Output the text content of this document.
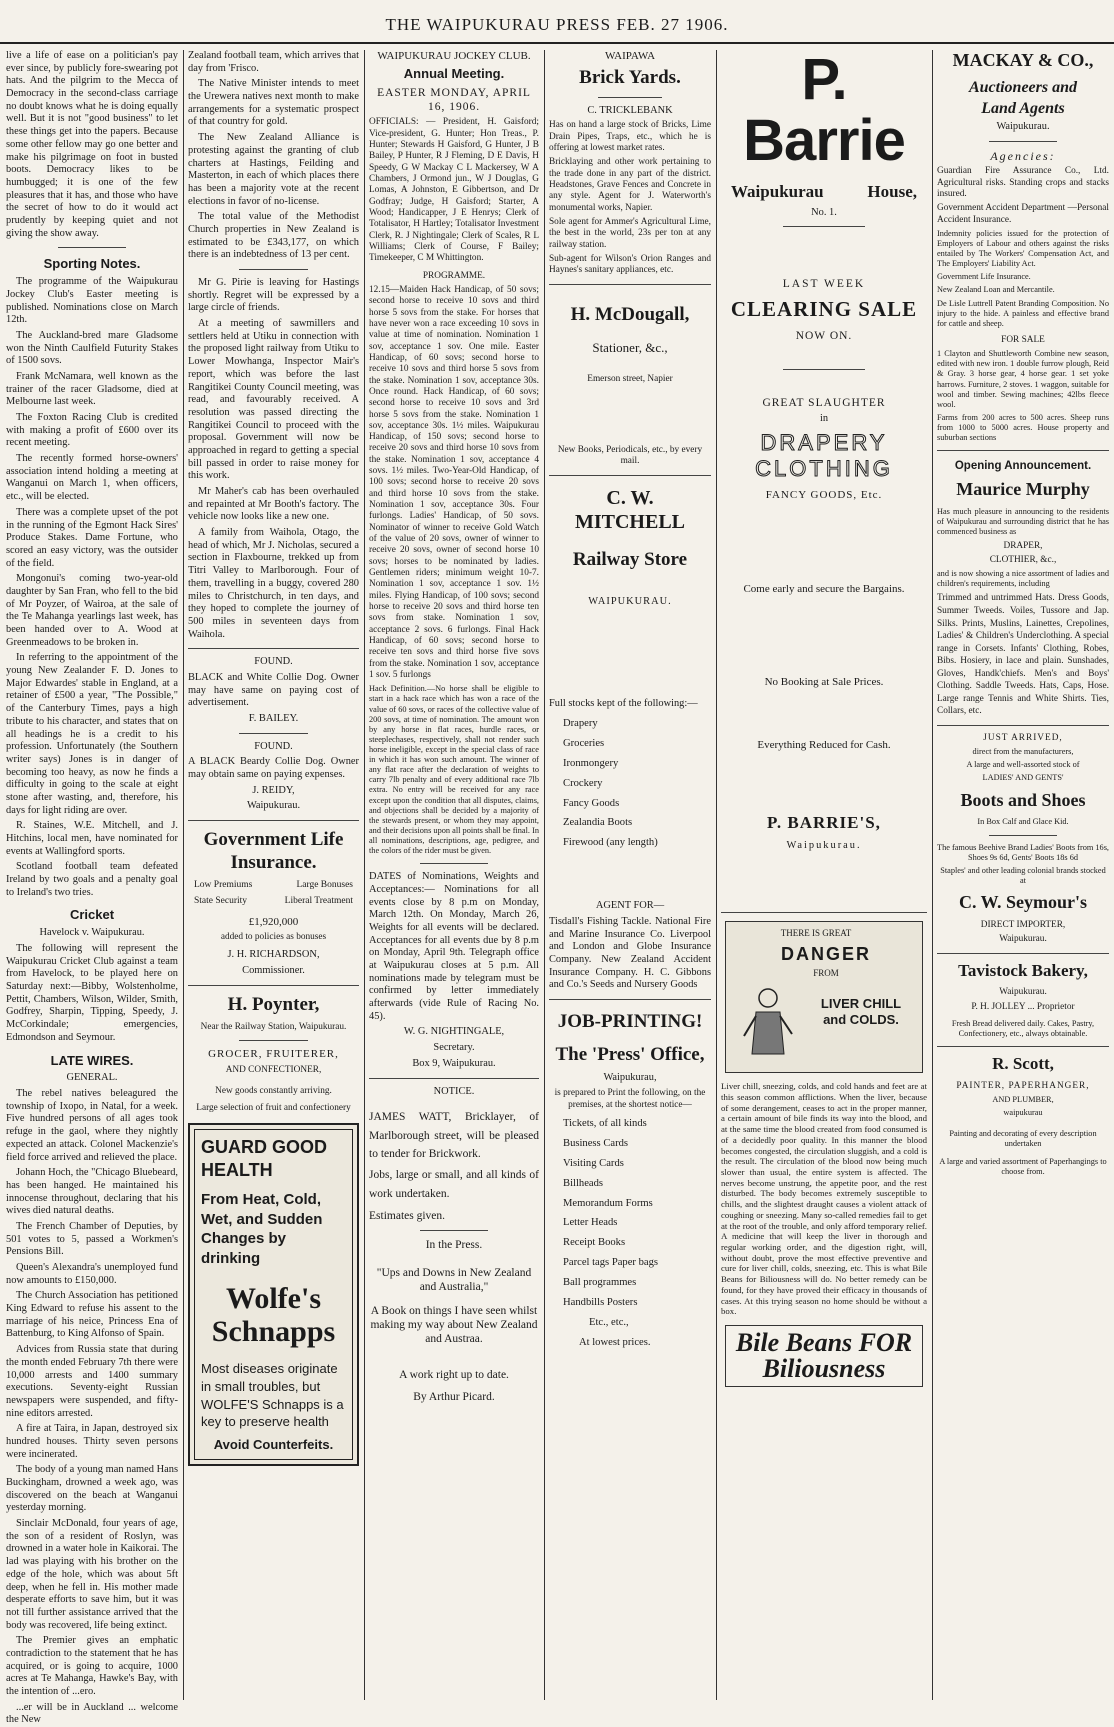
THE WAIPUKURAU PRESS FEB. 27 1906.

live a life of ease on a politician's pay ever since, by publicly fore-swearing pot hats. And the pilgrim to the Mecca of Democracy in the second-class carriage no doubt knows what he is doing equally well. But it is not "good business" to let these things get into the papers. Because some other fellow may go one better and make his pilgrimage on foot in busted boots. Democracy likes to be humbugged; it is one of the few pleasures that it has, and those who have the secret of how to do it would act prudently by keeping quiet and not giving the show away.

Sporting Notes.

The programme of the Waipukurau Jockey Club's Easter meeting is published. Nominations close on March 12th.

The Auckland-bred mare Gladsome won the Ninth Caulfield Futurity Stakes of 1500 sovs.

Frank McNamara, well known as the trainer of the racer Gladsome, died at Melbourne last week.

The Foxton Racing Club is credited with making a profit of £600 over its recent meeting.

The recently formed horse-owners' association intend holding a meeting at Wanganui on March 1, when officers, etc., will be elected.

There was a complete upset of the pot in the running of the Egmont Hack Sires' Produce Stakes. Dame Fortune, who scored an easy victory, was the outsider of the field.

Mongonui's coming two-year-old daughter by San Fran, who fell to the bid of Mr Poyzer, of Wairoa, at the sale of the Te Mahanga yearlings last week, has been handed over to A. Wood at Greenmeadows to be broken in.

In referring to the appointment of the young New Zealander F. D. Jones to Major Edwardes' stable in England, at a retainer of £500 a year, "The Possible," of the Canterbury Times, pays a high tribute to his character, and states that on all headings he is a credit to his profession. Unfortunately (the Southern writer says) Jones is in danger of becoming too heavy, as now he finds a difficulty in going to the scale at eight stone after wasting, and, therefore, his days for light riding are over.

R. Staines, W.E. Mitchell, and J. Hitchins, local men, have nominated for events at Wallingford sports.

Scotland football team defeated Ireland by two goals and a penalty goal to Ireland's two tries.

Cricket

Havelock v. Waipukurau.

The following will represent the Waipukurau Cricket Club against a team from Havelock, to be played here on Saturday next:—Bibby, Wolstenholme, Pettit, Chambers, Wilson, Wilder, Smith, Godfrey, Sharpin, Tipping, Speedy, J. McCorkindale; emergencies, Edmondson and Seymour.

LATE WIRES.

GENERAL.

The rebel natives beleagured the township of Ixopo, in Natal, for a week. Five hundred persons of all ages took refuge in the gaol, where they nightly expected an attack. Colonel Mackenzie's field force arrived and relieved the place.

Johann Hoch, the "Chicago Bluebeard, has been hanged. He maintained his innocense throughout, declaring that his wives died natural deaths.

The French Chamber of Deputies, by 501 votes to 5, passed a Workmen's Pensions Bill.

Queen's Alexandra's unemployed fund now amounts to £150,000.

The Church Association has petitioned King Edward to refuse his assent to the marriage of his neice, Princess Ena of Battenburg, to King Alfonso of Spain.

Advices from Russia state that during the month ended February 7th there were 10,000 arrests and 1400 summary executions. Seventy-eight Russian newspapers were suspended, and fifty-nine editors arrested.

A fire at Taira, in Japan, destroyed six hundred houses. Thirty seven persons were incinerated.

The body of a young man named Hans Buckingham, drowned a week ago, was discovered on the beach at Wanganui yesterday morning.

Sinclair McDonald, four years of age, the son of a resident of Roslyn, was drowned in a water hole in Kaikorai. The lad was playing with his brother on the edge of the hole, which was about 5ft deep, when he fell in. His mother made desperate efforts to save him, but it was not till further assistance arrived that the body was recovered, life being extinct.

The Premier gives an emphatic contradiction to the statement that he has acquired, or is going to acquire, 1000 acres at Te Mahanga, Hawke's Bay, with the intention of ...ero.

...er will be in Auckland ... welcome the New

Zealand football team, which arrives that day from 'Frisco.

The Native Minister intends to meet the Urewera natives next month to make arrangements for a systematic prospect of that country for gold.

The New Zealand Alliance is protesting against the granting of club charters at Hastings, Feilding and Masterton, in each of which places there has been a majority vote at the recent elections in favor of no-license.

The total value of the Methodist Church properties in New Zealand is estimated to be £343,177, on which there is an indebtedness of 13 per cent.

Mr G. Pirie is leaving for Hastings shortly. Regret will be expressed by a large circle of friends.

At a meeting of sawmillers and settlers held at Utiku in connection with the proposed light railway from Utiku to Lower Mowhanga, Inspector Mair's report, which was before the last Rangitikei County Council meeting, was read, and favourably received. A resolution was passed directing the Rangitikei Council to proceed with the proposal. Government will now be approached in regard to getting a special bill passed in order to raise money for this work.

Mr Maher's cab has been overhauled and repainted at Mr Booth's factory. The vehicle now looks like a new one.

A family from Waihola, Otago, the head of which, Mr J. Nicholas, secured a section in Flaxbourne, trekked up from Titri Valley to Marlborough. Four of them, travelling in a buggy, covered 280 miles to Christchurch, in ten days, and they hoped to complete the journey of 500 miles in seventeen days from Waihola.

FOUND.

BLACK and White Collie Dog. Owner may have same on paying cost of advertisement.

F. BAILEY.

FOUND.

A BLACK Beardy Collie Dog. Owner may obtain same on paying expenses.

J. REIDY,

Waipukurau.

Government Life Insurance.
Low Premiums	Large Bonuses
State Security	Liberal Treatment

£1,920,000

added to policies as bonuses

J. H. RICHARDSON,

Commissioner.

H. Poynter,

Near the Railway Station, Waipukurau.

GROCER, FRUITERER,

AND CONFECTIONER,

New goods constantly arriving.

Large selection of fruit and confectionery

GUARD GOOD HEALTH
From Heat, Cold, Wet, and Sudden Changes by drinking
Wolfe's Schnapps
Most diseases originate in small troubles, but WOLFE'S Schnapps is a key to preserve health
Avoid Counterfeits.

WAIPUKURAU JOCKEY CLUB.

Annual Meeting.

EASTER MONDAY, APRIL 16, 1906.

OFFICIALS: — President, H. Gaisford; Vice-president, G. Hunter; Hon Treas., P. Hunter; Stewards H Gaisford, G Hunter, J B Bailey, P Hunter, R J Fleming, D E Davis, H Speedy, G W Mackay C L Mackersey, W A Chambers, J Ormond jun., W J Douglas, G Lomas, A Johnston, E Gibbertson, and Dr Godfray; Judge, H Gaisford; Starter, A Wood; Handicapper, J E Henrys; Clerk of Totalisator, H Hartley; Totalisator Investment Clerk, R. J Nightingale; Clerk of Scales, R L Williams; Clerk of Course, F Bailey; Timekeeper, C M Whittington.

PROGRAMME.

12.15—Maiden Hack Handicap, of 50 sovs; second horse to receive 10 sovs and third horse 5 sovs from the stake. For horses that have never won a race exceeding 10 sovs in value at time of nomination. Nomination 1 sov, acceptance 1 sov. One mile. Easter Handicap, of 60 sovs; second horse to receive 10 sovs and third horse 5 sovs from the stake. Nomination 1 sov, acceptance 30s. Once round. Hack Handicap, of 60 sovs; second horse to receive 10 sovs and 3rd horse 5 sovs from the stake. Nomination 1 sov, acceptance 30s. 1½ miles. Waipukurau Handicap, of 150 sovs; second horse to receive 20 sovs and third horse 10 sovs from the stake. Nomination 1 sov, acceptance 4 sovs. 1½ miles. Two-Year-Old Handicap, of 100 sovs; second horse to receive 20 sovs and third horse 10 sovs from the stake. Nomination 1 sov, acceptance 30s. Four furlongs. Ladies' Handicap, of 50 sovs. Nominator of winner to receive Gold Watch of the value of 20 sovs, owner of winner to receive 20 sovs, owner of second horse 10 sovs; horses to be nominated by ladies. Gentlemen riders; minimum weight 10-7. Nomination 1 sov, acceptance 1 sov. 1½ miles. Flying Handicap, of 100 sovs; second horse to receive 20 sovs and third horse ten sovs from stake. Nomination 1 sov, acceptance 2 sovs. 6 furlongs. Final Hack Handicap, of 60 sovs; second horse to receive ten sovs and third horse five sovs from the stake. Nomination 1 sov, acceptance 1 sov. 5 furlongs

Hack Definition.—No horse shall be eligible to start in a hack race which has won a race of the value of 60 sovs, or races of the collective value of 200 sovs, at time of nomination. The amount won by any horse in flat races, hurdle races, or steeplechases, respectively, shall not render such horse ineligible, except in the special class of race in which it has won such amount. The winner of any flat race after the declaration of weights to carry 7lb penalty and of every additional race 7lb extra. No entry will be received for any race except upon the condition that all disputes, claims, and objections shall be decided by a majority of the stewards present, or whom they may appoint, and their decisions upon all points shall be final. In all nominations, descriptions, age, pedigree, and the colors of the rider must be given.

DATES of Nominations, Weights and Acceptances:— Nominations for all events close by 8 p.m on Monday, March 12th. On Monday, March 26, Weights for all events will be declared. Acceptances for all events due by 8 p.m on Monday, April 9th. Telegraph office at Waipukurau closes at 5 p.m. All nominations made by telegram must be confirmed by letter immediately afterwards (vide Rule of Racing No. 45).

W. G. NIGHTINGALE,

Secretary.

Box 9, Waipukurau.

NOTICE.

JAMES WATT, Bricklayer, of Marlborough street, will be pleased to tender for Brickwork.

Jobs, large or small, and all kinds of work undertaken.

Estimates given.

In the Press.

"Ups and Downs in New Zealand and Australia,"

A Book on things I have seen whilst making my way about New Zealand and Austraa.

A work right up to date.

By Arthur Picard.

WAIPAWA

Brick Yards.

C. TRICKLEBANK

Has on hand a large stock of Bricks, Lime Drain Pipes, Traps, etc., which he is offering at lowest market rates.

Bricklaying and other work pertaining to the trade done in any part of the district. Headstones, Grave Fences and Concrete in any style. Agent for J. Waterworth's monumental works, Napier.

Sole agent for Ammer's Agricultural Lime, the best in the world, 23s per ton at any railway station.

Sub-agent for Wilson's Orion Ranges and Haynes's sanitary appliances, etc.

H. McDougall,

Stationer, &c.,

Emerson street, Napier

New Books, Periodicals, etc., by every mail.

C. W. MITCHELL
Railway Store

WAIPUKURAU.

Full stocks kept of the following:—

Drapery
Groceries
Ironmongery
Crockery
Fancy Goods
Zealandia Boots
Firewood (any length)

AGENT FOR—

Tisdall's Fishing Tackle. National Fire and Marine Insurance Co. Liverpool and London and Globe Insurance Company. New Zealand Accident Insurance Company. H. C. Gibbons and Co.'s Seeds and Nursery Goods

JOB-PRINTING!
The 'Press' Office,

Waipukurau,

is prepared to Print the following, on the premises, at the shortest notice—

Tickets, of all kinds
Business Cards
Visiting Cards
Billheads
Memorandum Forms
Letter Heads
Receipt Books
Parcel tags Paper bags
Ball programmes
Handbills Posters
Etc., etc.,
At lowest prices.
P. Barrie
Waipukurau	House,

No. 1.

LAST WEEK

CLEARING SALE

NOW ON.

GREAT SLAUGHTER

in

DRAPERY
CLOTHING

FANCY GOODS, Etc.

Come early and secure the Bargains.

No Booking at Sale Prices.

Everything Reduced for Cash.

P. BARRIE'S,

Waipukurau.

THERE IS GREAT
DANGER
FROM
LIVER CHILL and COLDS.

Liver chill, sneezing, colds, and cold hands and feet are at this season common afflictions. When the liver, because of some derangement, ceases to act in the proper manner, a certain amount of bile finds its way into the blood, and at the same time the blood created from food consumed is of a decidedly poor quality. In this manner the blood becomes congested, the circulation sluggish, and a cold is the result. The circulation of the blood now being much slower than usual, the entire system is affected. The nerves become unstrung, the appetite poor, and the rest disturbed. The body becomes extremely susceptible to chills, and the slightest draught causes a violent attack of coughing or sneezing. Many so-called remedies fail to get at the root of the trouble, and only afford temporary relief. A medicine that will keep the liver in thorough and regular working order, and the digestion right, will, without doubt, prove the most effective preventive and cure for liver chill, colds, sneezing, etc. This is what Bile Beans for Biliousness will do. No better remedy can be found, for they have proved their efficacy in thousands of cases. At this trying season no home should be without a box.

Bile Beans FOR Biliousness
MACKAY & CO.,
Auctioneers and
Land Agents

Waipukurau.

Agencies:

Guardian Fire Assurance Co., Ltd. Agricultural risks. Standing crops and stacks insured.

Government Accident Department —Personal Accident Insurance.

Indemnity policies issued for the protection of Employers of Labour and others against the risks entailed by The Workers' Compensation Act, and The Employers' Liability Act.

Government Life Insurance.

New Zealand Loan and Mercantile.

De Lisle Luttrell Patent Branding Composition. No injury to the hide. A painless and effective brand for cattle and sheep.

FOR SALE

1 Clayton and Shuttleworth Combine new season, edited with new iron. 1 double furrow plough, Reid & Gray. 3 horse gear, 4 horse gear. 1 set yoke harrows. Furniture, 2 stoves. 1 waggon, suitable for wool and timber. Sewing machines; 42lbs fleece wool.

Farms from 200 acres to 500 acres. Sheep runs from 1000 to 5000 acres. House property and suburban sections

Opening Announcement.
Maurice Murphy

Has much pleasure in announcing to the residents of Waipukurau and surrounding district that he has commenced business as

DRAPER,

CLOTHIER, &c.,

and is now showing a nice assortment of ladies and children's requirements, including

Trimmed and untrimmed Hats. Dress Goods, Summer Tweeds. Voiles, Tussore and Jap. Silks. Prints, Muslins, Lainettes, Crepolines, Ladies' & Children's Underclothing. A special range in Corsets. Infants' Clothing, Robes, Bibs. Hosiery, in lace and plain. Sunshades, Gloves, Handk'chiefs. Men's and Boys' Clothing. Saddle Tweeds. Hats, Caps, Hose. Large range Tennis and White Shirts. Ties, Collars, etc.

JUST ARRIVED,

direct from the manufacturers,

A large and well-assorted stock of

LADIES' AND GENTS'

Boots and Shoes

In Box Calf and Glace Kid.

The famous Beehive Brand Ladies' Boots from 16s, Shoes 9s 6d, Gents' Boots 18s 6d

Staples' and other leading colonial brands stocked at

C. W. Seymour's

DIRECT IMPORTER,

Waipukurau.

Tavistock Bakery,

Waipukurau.

P. H. JOLLEY ... Proprietor

Fresh Bread delivered daily. Cakes, Pastry, Confectionery, etc., always obtainable.

R. Scott,

PAINTER, PAPERHANGER,

AND PLUMBER,

waipukurau

Painting and decorating of every description undertaken

A large and varied assortment of Paperhangings to choose from.
